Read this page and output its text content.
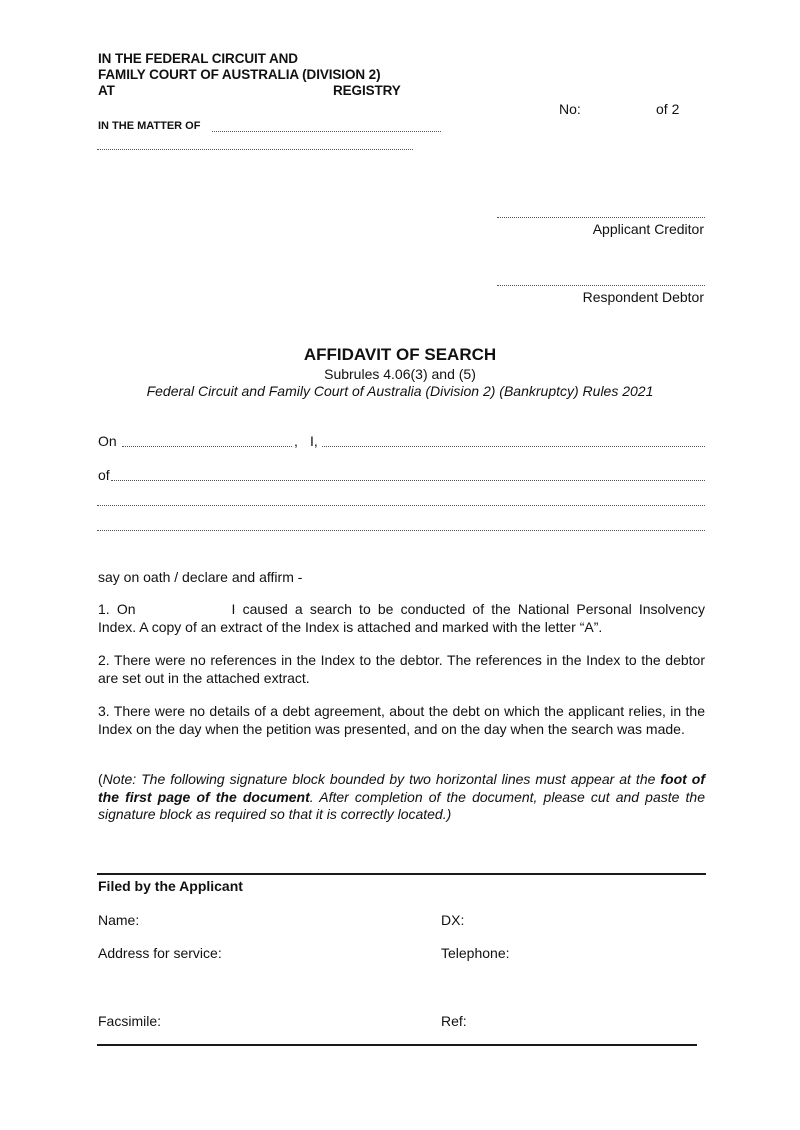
IN THE FEDERAL CIRCUIT AND
FAMILY COURT OF AUSTRALIA (DIVISION 2)
AT	REGISTRY
IN THE MATTER OF
No:	of 2
Applicant Creditor
Respondent Debtor
AFFIDAVIT OF SEARCH
Subrules 4.06(3) and (5)
Federal Circuit and Family Court of Australia (Division 2) (Bankruptcy) Rules 2021
On	, I,
of
say on oath / declare and affirm -
1. On	I caused a search to be conducted of the National Personal Insolvency Index. A copy of an extract of the Index is attached and marked with the letter “A”.
2. There were no references in the Index to the debtor. The references in the Index to the debtor are set out in the attached extract.
3. There were no details of a debt agreement, about the debt on which the applicant relies, in the Index on the day when the petition was presented, and on the day when the search was made.
(Note: The following signature block bounded by two horizontal lines must appear at the foot of the first page of the document. After completion of the document, please cut and paste the signature block as required so that it is correctly located.)
Filed by the Applicant
Name:	DX:
Address for service:	Telephone:
Facsimile:	Ref:
